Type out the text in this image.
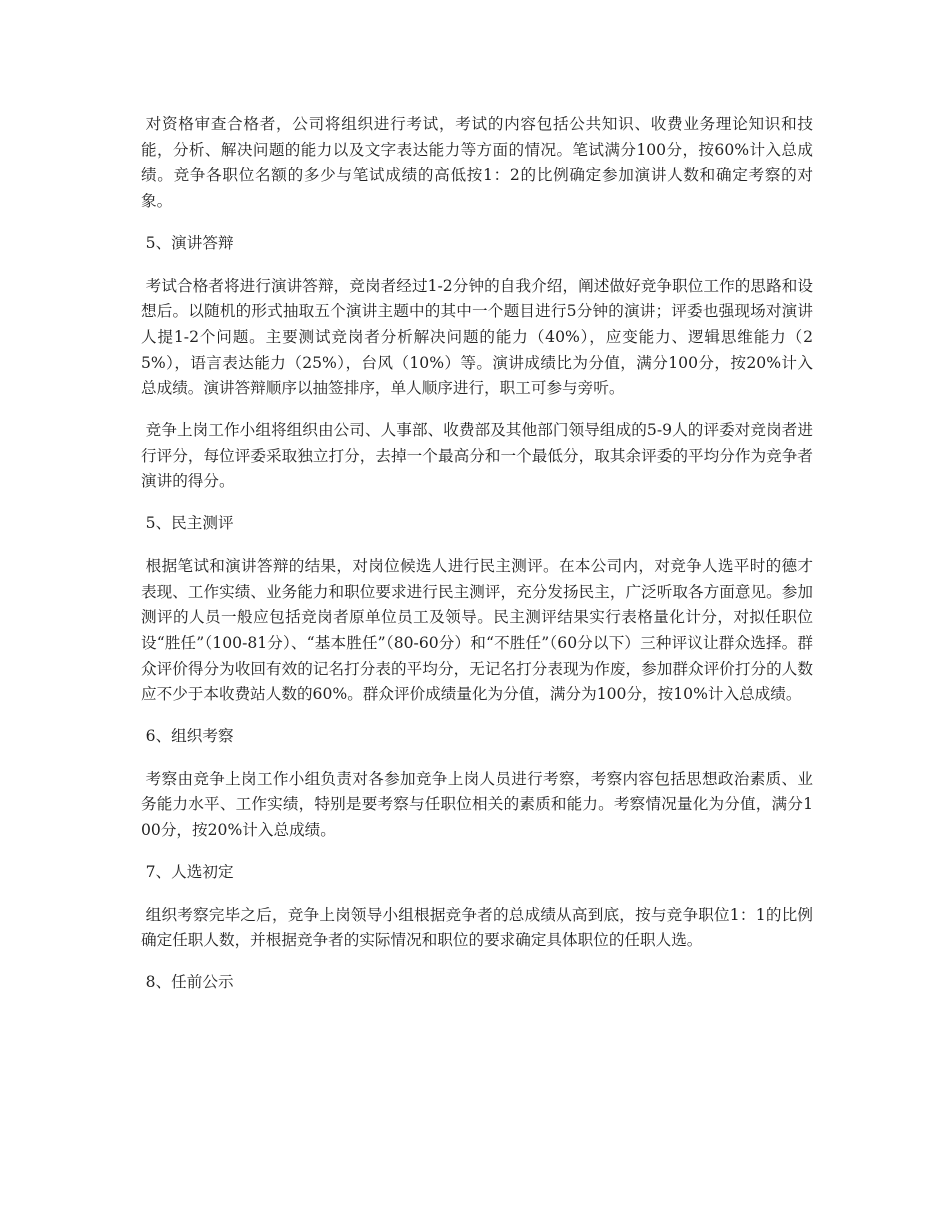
对资格审查合格者，公司将组织进行考试，考试的内容包括公共知识、收费业务理论知识和技能，分析、解决问题的能力以及文字表达能力等方面的情况。笔试满分100分，按60%计入总成绩。竞争各职位名额的多少与笔试成绩的高低按1：2的比例确定参加演讲人数和确定考察的对象。

5、演讲答辩

考试合格者将进行演讲答辩，竞岗者经过1-2分钟的自我介绍，阐述做好竞争职位工作的思路和设想后。以随机的形式抽取五个演讲主题中的其中一个题目进行5分钟的演讲；评委也强现场对演讲人提1-2个问题。主要测试竞岗者分析解决问题的能力（40%），应变能力、逻辑思维能力（25%），语言表达能力（25%），台风（10%）等。演讲成绩比为分值，满分100分，按20%计入总成绩。演讲答辩顺序以抽签排序，单人顺序进行，职工可参与旁听。

竞争上岗工作小组将组织由公司、人事部、收费部及其他部门领导组成的5-9人的评委对竞岗者进行评分，每位评委采取独立打分，去掉一个最高分和一个最低分，取其余评委的平均分作为竞争者演讲的得分。

5、民主测评

根据笔试和演讲答辩的结果，对岗位候选人进行民主测评。在本公司内，对竞争人选平时的德才表现、工作实绩、业务能力和职位要求进行民主测评，充分发扬民主，广泛听取各方面意见。参加测评的人员一般应包括竞岗者原单位员工及领导。民主测评结果实行表格量化计分，对拟任职位设“胜任”（100-81分）、“基本胜任”（80-60分）和“不胜任”（60分以下）三种评议让群众选择。群众评价得分为收回有效的记名打分表的平均分，无记名打分表现为作废，参加群众评价打分的人数应不少于本收费站人数的60%。群众评价成绩量化为分值，满分为100分，按10%计入总成绩。

6、组织考察

考察由竞争上岗工作小组负责对各参加竞争上岗人员进行考察，考察内容包括思想政治素质、业务能力水平、工作实绩，特别是要考察与任职位相关的素质和能力。考察情况量化为分值，满分100分，按20%计入总成绩。

7、人选初定

组织考察完毕之后，竞争上岗领导小组根据竞争者的总成绩从高到底，按与竞争职位1：1的比例确定任职人数，并根据竞争者的实际情况和职位的要求确定具体职位的任职人选。

8、任前公示
